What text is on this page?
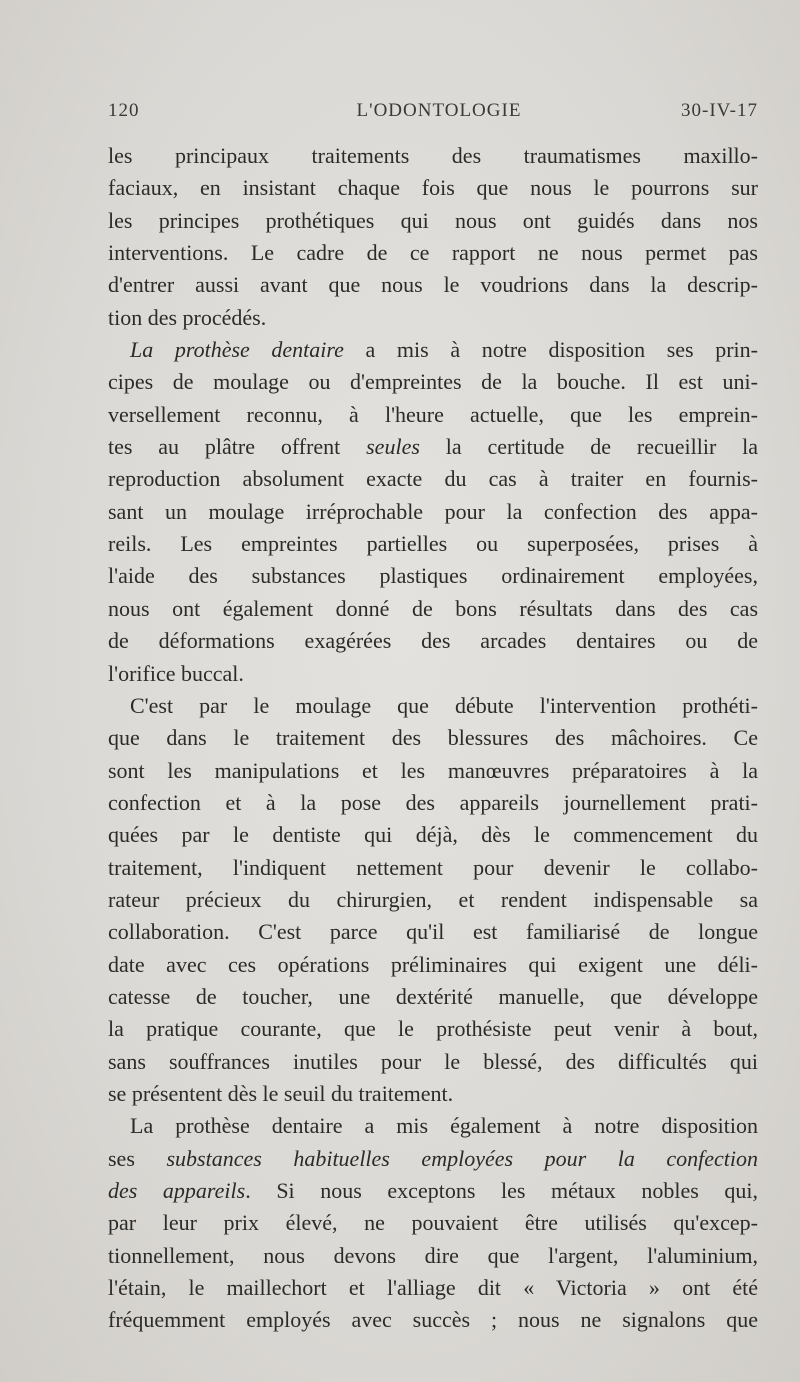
120	L'ODONTOLOGIE	30-IV-17
les principaux traitements des traumatismes maxillo-
faciaux, en insistant chaque fois que nous le pourrons sur
les principes prothétiques qui nous ont guidés dans nos
interventions. Le cadre de ce rapport ne nous permet pas
d'entrer aussi avant que nous le voudrions dans la descrip-
tion des procédés.
La prothèse dentaire a mis à notre disposition ses prin-
cipes de moulage ou d'empreintes de la bouche. Il est uni-
versellement reconnu, à l'heure actuelle, que les emprein-
tes au plâtre offrent seules la certitude de recueillir la
reproduction absolument exacte du cas à traiter en fournis-
sant un moulage irréprochable pour la confection des appa-
reils. Les empreintes partielles ou superposées, prises à
l'aide des substances plastiques ordinairement employées,
nous ont également donné de bons résultats dans des cas
de déformations exagérées des arcades dentaires ou de
l'orifice buccal.
C'est par le moulage que débute l'intervention prothéti-
que dans le traitement des blessures des mâchoires. Ce
sont les manipulations et les manœuvres préparatoires à la
confection et à la pose des appareils journellement prati-
quées par le dentiste qui déjà, dès le commencement du
traitement, l'indiquent nettement pour devenir le collabo-
rateur précieux du chirurgien, et rendent indispensable sa
collaboration. C'est parce qu'il est familiarisé de longue
date avec ces opérations préliminaires qui exigent une déli-
catesse de toucher, une dextérité manuelle, que développe
la pratique courante, que le prothésiste peut venir à bout,
sans souffrances inutiles pour le blessé, des difficultés qui
se présentent dès le seuil du traitement.
La prothèse dentaire a mis également à notre disposition
ses substances habituelles employées pour la confection
des appareils. Si nous exceptons les métaux nobles qui,
par leur prix élevé, ne pouvaient être utilisés qu'excep-
tionnellement, nous devons dire que l'argent, l'aluminium,
l'étain, le maillechort et l'alliage dit « Victoria » ont été
fréquemment employés avec succès ; nous ne signalons que
